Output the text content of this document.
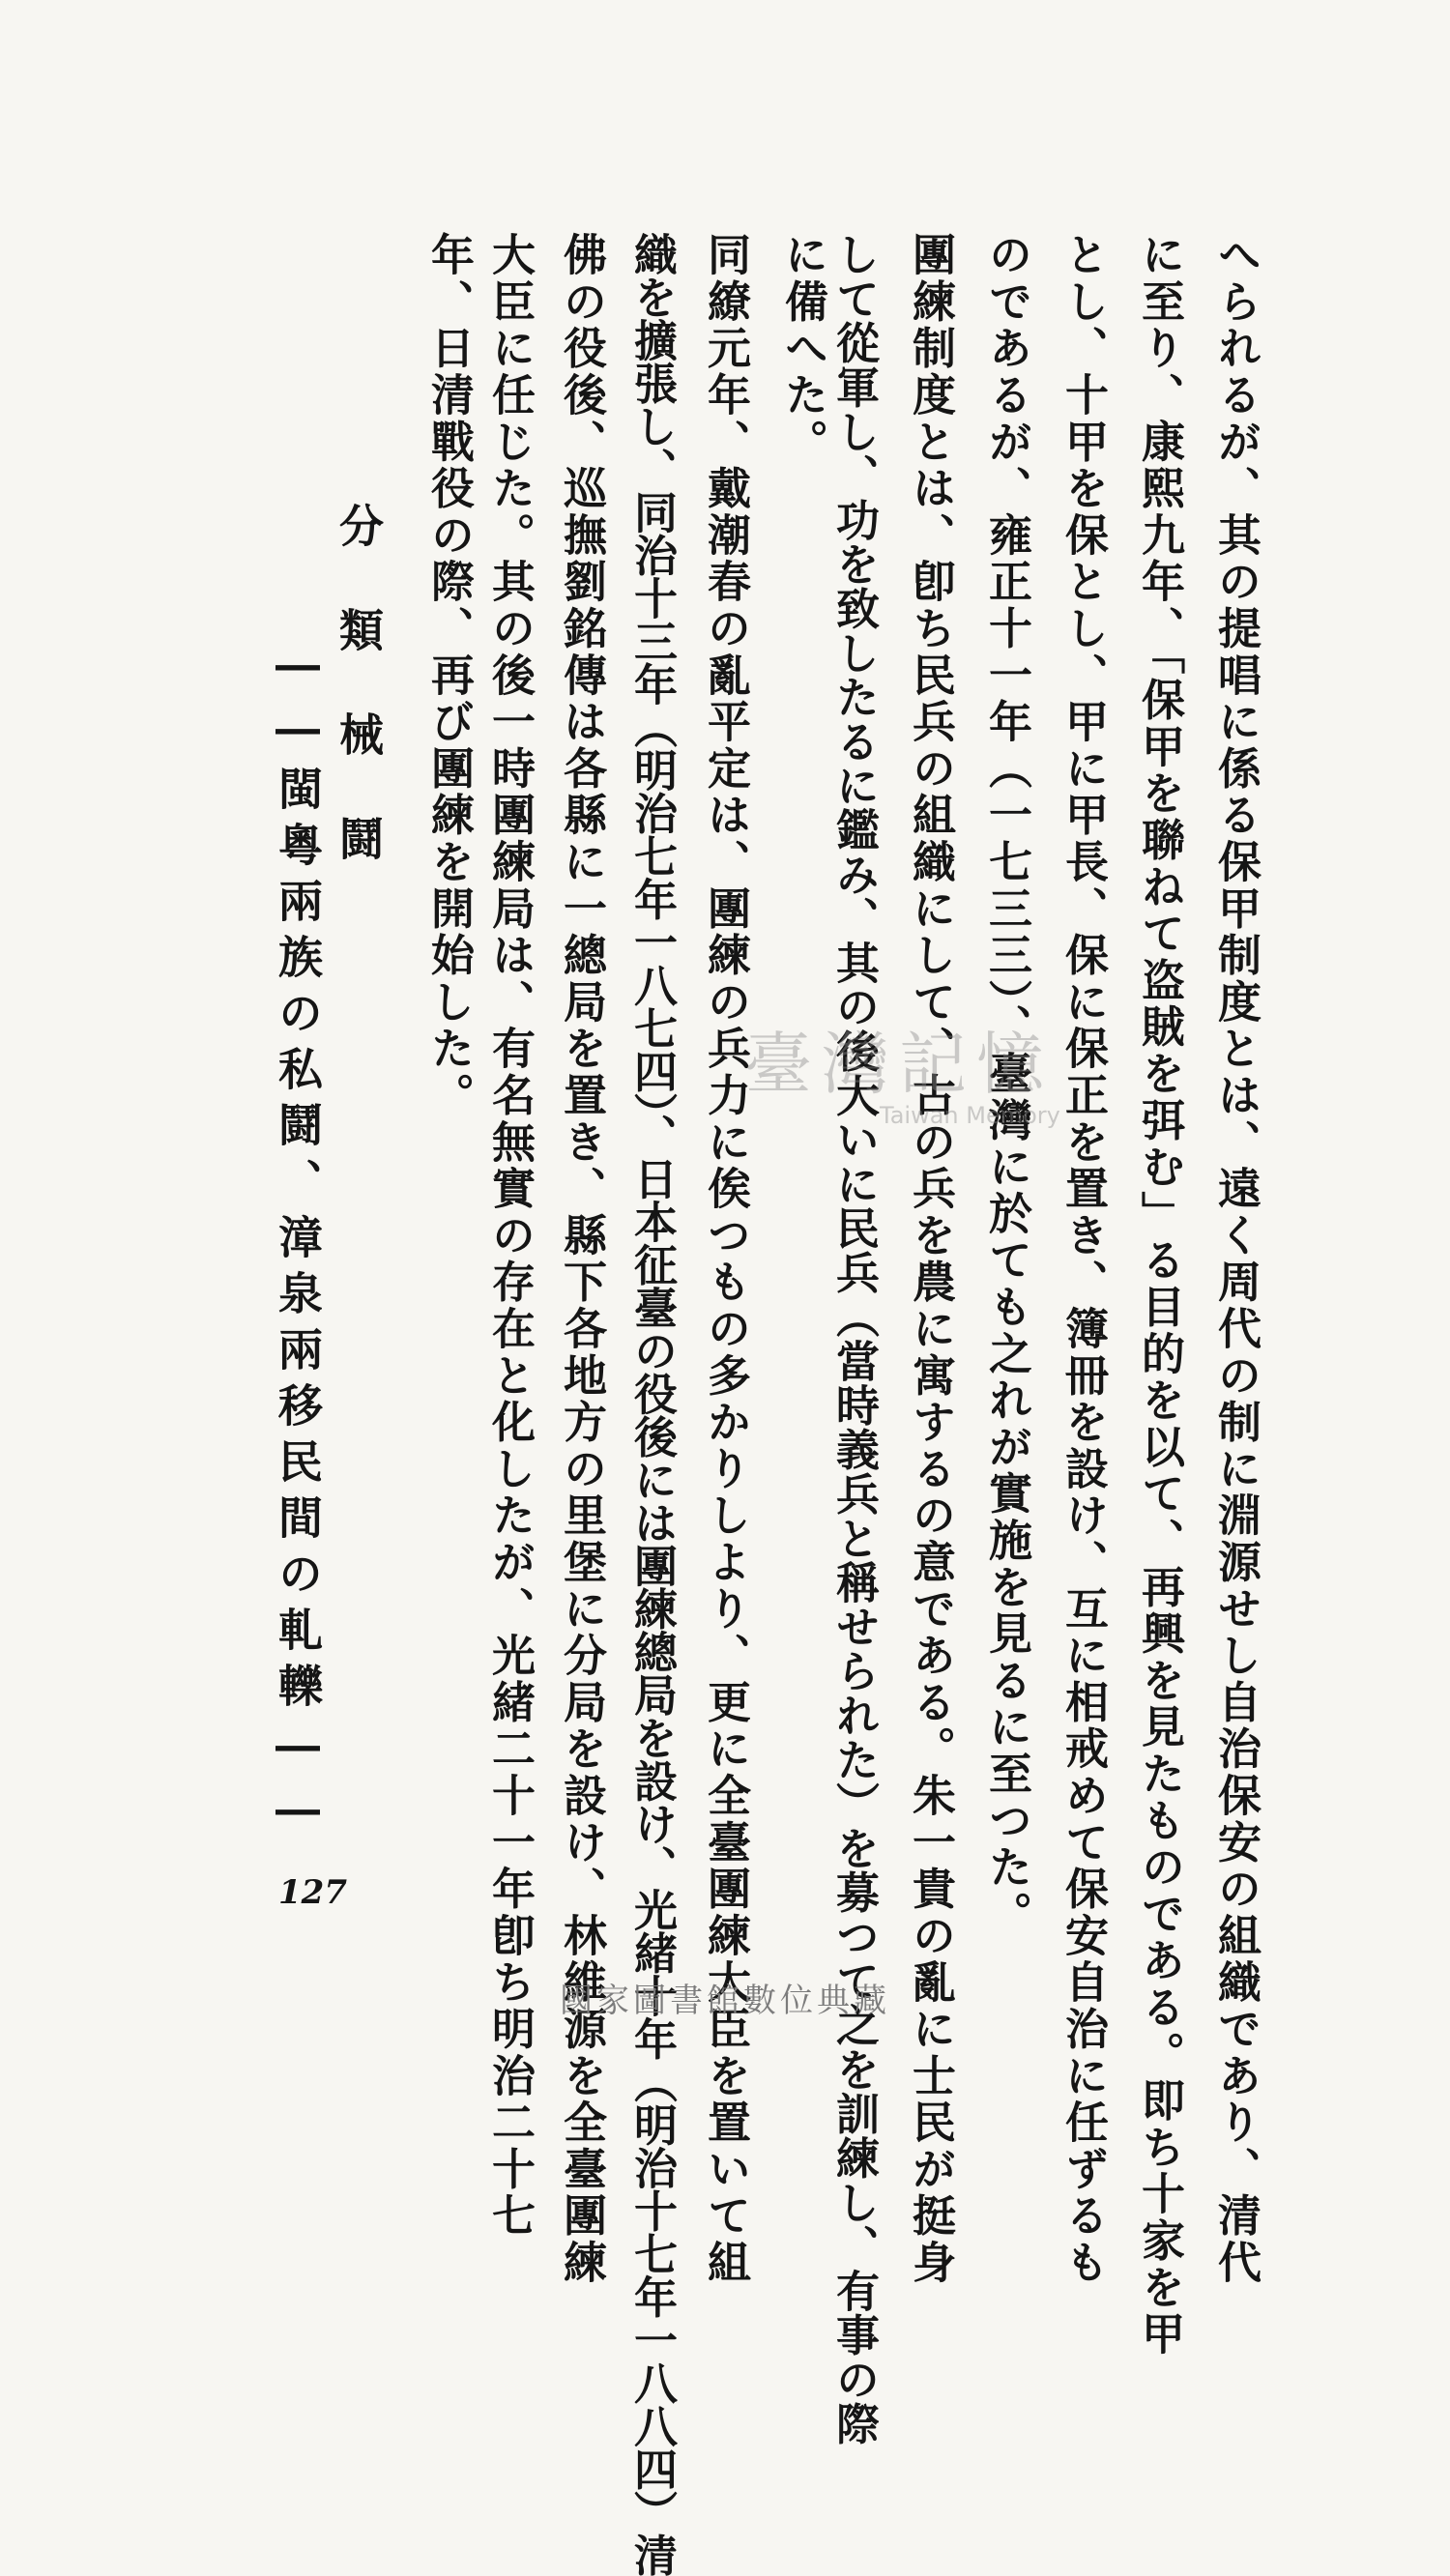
へられるが、其の提唱に係る保甲制度とは、遠く周代の制に淵源せし自治保安の組織であり、清代
に至り、康熙九年、「保甲を聯ねて盗賊を弭む」る目的を以て、再興を見たものである。即ち十家を甲
とし、十甲を保とし、甲に甲長、保に保正を置き、簿冊を設け、互に相戒めて保安自治に任ずるも
のであるが、雍正十一年（一七三三）、臺灣に於ても之れが實施を見るに至つた。
團練制度とは、卽ち民兵の組織にして、古の兵を農に寓するの意である。朱一貴の亂に士民が挺身
して從軍し、功を致したるに鑑み、其の後大いに民兵（當時義兵と稱せられた）を募つて之を訓練し、有事の際
に備へた。
同繚元年、戴潮春の亂平定は、團練の兵力に俟つもの多かりしより、更に全臺團練大臣を置いて組
織を擴張し、同治十三年（明治七年一八七四）、日本征臺の役後には團練總局を設け、光緒十年（明治十七年一八八四）清
佛の役後、巡撫劉銘傳は各縣に一總局を置き、縣下各地方の里堡に分局を設け、林維源を全臺團練
大臣に任じた。其の後一時團練局は、有名無實の存在と化したが、光緒二十一年卽ち明治二十七
年、日清戰役の際、再び團練を開始した。
分類械鬪
――閩粵兩族の私鬪、漳泉兩移民間の軋轢――
127
臺灣記憶
Taiwan Memory
國家圖書館數位典藏
